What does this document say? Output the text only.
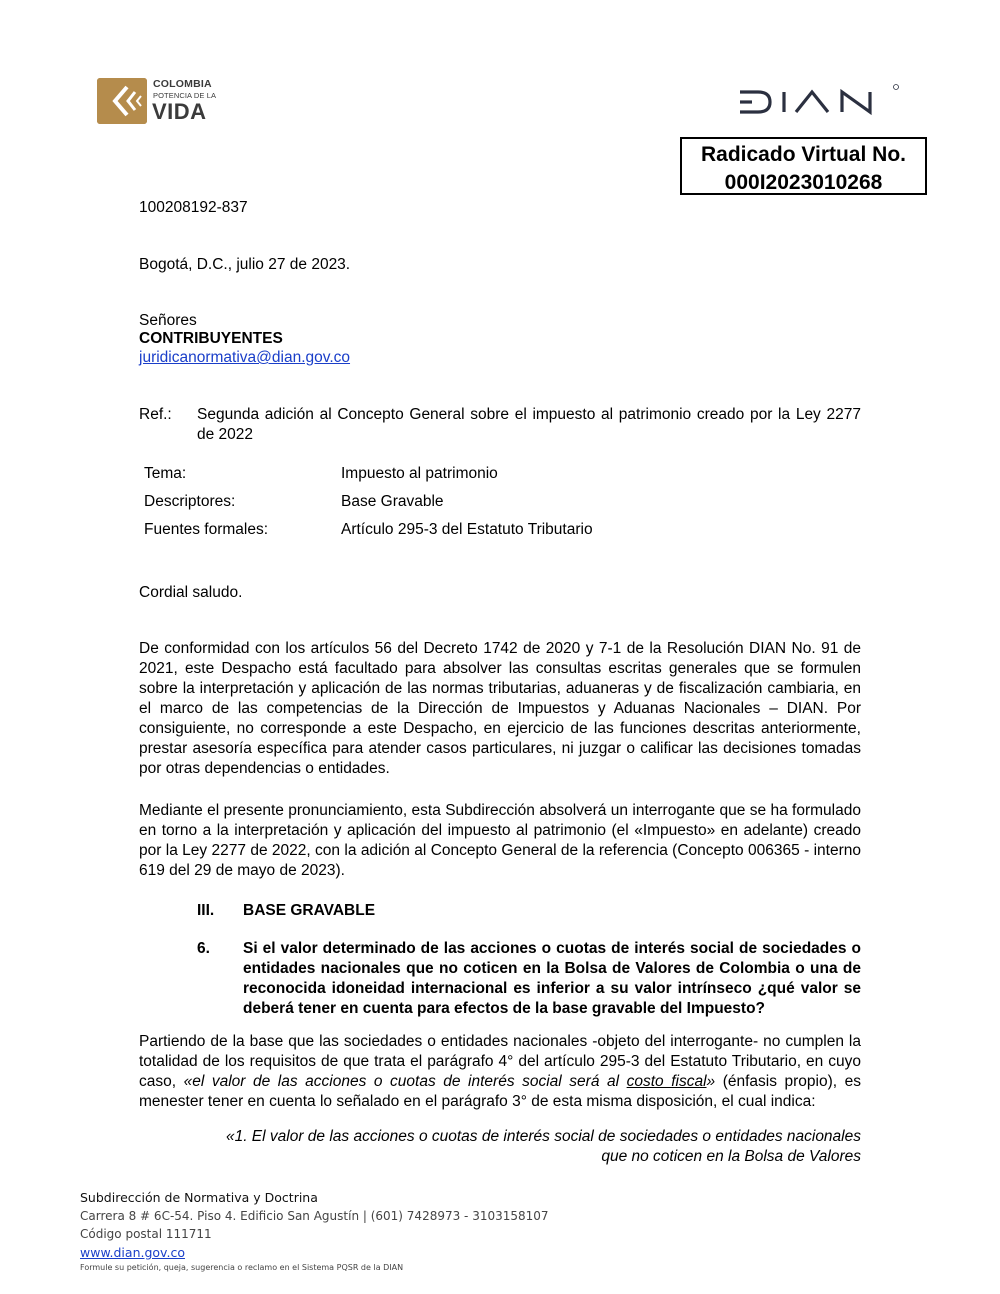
COLOMBIA
POTENCIA DE LA
VIDA
Radicado Virtual No.
000I2023010268
100208192-837
Bogotá, D.C., julio 27 de 2023.
Señores
CONTRIBUYENTES
juridicanormativa@dian.gov.co
Ref.: Segunda adición al Concepto General sobre el impuesto al patrimonio creado por la Ley 2277 de 2022
Tema:	Impuesto al patrimonio
Descriptores:	Base Gravable
Fuentes formales:	Artículo 295-3 del Estatuto Tributario
Cordial saludo.
De conformidad con los artículos 56 del Decreto 1742 de 2020 y 7-1 de la Resolución DIAN No. 91 de 2021, este Despacho está facultado para absolver las consultas escritas generales que se formulen sobre la interpretación y aplicación de las normas tributarias, aduaneras y de fiscalización cambiaria, en el marco de las competencias de la Dirección de Impuestos y Aduanas Nacionales – DIAN. Por consiguiente, no corresponde a este Despacho, en ejercicio de las funciones descritas anteriormente, prestar asesoría específica para atender casos particulares, ni juzgar o calificar las decisiones tomadas por otras dependencias o entidades.
Mediante el presente pronunciamiento, esta Subdirección absolverá un interrogante que se ha formulado en torno a la interpretación y aplicación del impuesto al patrimonio (el «Impuesto» en adelante) creado por la Ley 2277 de 2022, con la adición al Concepto General de la referencia (Concepto 006365 - interno 619 del 29 de mayo de 2023).
III. BASE GRAVABLE
6. Si el valor determinado de las acciones o cuotas de interés social de sociedades o entidades nacionales que no coticen en la Bolsa de Valores de Colombia o una de reconocida idoneidad internacional es inferior a su valor intrínseco ¿qué valor se deberá tener en cuenta para efectos de la base gravable del Impuesto?
Partiendo de la base que las sociedades o entidades nacionales -objeto del interrogante- no cumplen la totalidad de los requisitos de que trata el parágrafo 4° del artículo 295-3 del Estatuto Tributario, en cuyo caso, «el valor de las acciones o cuotas de interés social será al costo fiscal» (énfasis propio), es menester tener en cuenta lo señalado en el parágrafo 3° de esta misma disposición, el cual indica:
«1. El valor de las acciones o cuotas de interés social de sociedades o entidades nacionales
que no coticen en la Bolsa de Valores
Subdirección de Normativa y Doctrina
Carrera 8 # 6C-54. Piso 4. Edificio San Agustín | (601) 7428973 - 3103158107
Código postal 111711
www.dian.gov.co
Formule su petición, queja, sugerencia o reclamo en el Sistema PQSR de la DIAN
